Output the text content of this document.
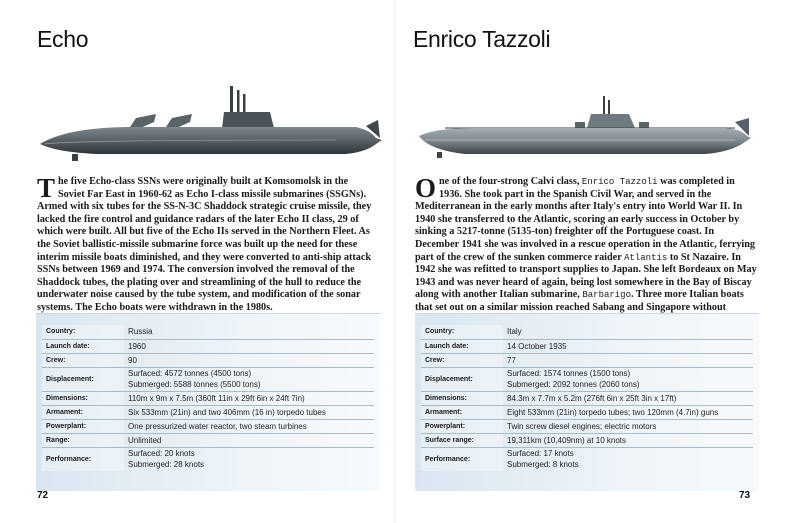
Echo
The five Echo-class SSNs were originally built at Komsomolsk in the Soviet Far East in 1960-62 as Echo I-class missile submarines (SSGNs). Armed with six tubes for the SS-N-3C Shaddock strategic cruise missile, they lacked the fire control and guidance radars of the later Echo II class, 29 of which were built. All but five of the Echo IIs served in the Northern Fleet. As the Soviet ballistic-missile submarine force was built up the need for these interim missile boats diminished, and they were converted to anti-ship attack SSNs between 1969 and 1974. The conversion involved the removal of the Shaddock tubes, the plating over and streamlining of the hull to reduce the underwater noise caused by the tube system, and modification of the sonar systems. The Echo boats were withdrawn in the 1980s.
Country:	Russia
Launch date:	1960
Crew:	90
Displacement:	Surfaced: 4572 tonnes (4500 tons)
Submerged: 5588 tonnes (5500 tons)

Dimensions:	110m x 9m x 7.5m (360ft 11in x 29ft 6in x 24ft 7in)
Armament:	Six 533mm (21in) and two 406mm (16 in) torpedo tubes
Powerplant:	One pressurized water reactor, two steam turbines
Range:	Unlimited
Performance:	Surfaced: 20 knots
Submerged: 28 knots
72
Enrico Tazzoli
One of the four-strong Calvi class, Enrico Tazzoli was completed in 1936. She took part in the Spanish Civil War, and served in the Mediterranean in the early months after Italy's entry into World War II. In 1940 she transferred to the Atlantic, scoring an early success in October by sinking a 5217-tonne (5135-ton) freighter off the Portuguese coast. In December 1941 she was involved in a rescue operation in the Atlantic, ferrying part of the crew of the sunken commerce raider Atlantis to St Nazaire. In 1942 she was refitted to transport supplies to Japan. She left Bordeaux on May 1943 and was never heard of again, being lost somewhere in the Bay of Biscay along with another Italian submarine, Barbarigo. Three more Italian boats that set out on a similar mission reached Sabang and Singapore without
Country:	Italy
Launch date:	14 October 1935
Crew:	77
Displacement:	Surfaced: 1574 tonnes (1500 tons)
Submerged: 2092 tonnes (2060 tons)

Dimensions:	84.3m x 7.7m x 5.2m (276ft 6in x 25ft 3in x 17ft)
Armament:	Eight 533mm (21in) torpedo tubes; two 120mm (4.7in) guns
Powerplant:	Twin screw diesel engines; electric motors
Surface range:	19,311km (10,409nm) at 10 knots
Performance:	Surfaced: 17 knots
Submerged: 8 knots
73
